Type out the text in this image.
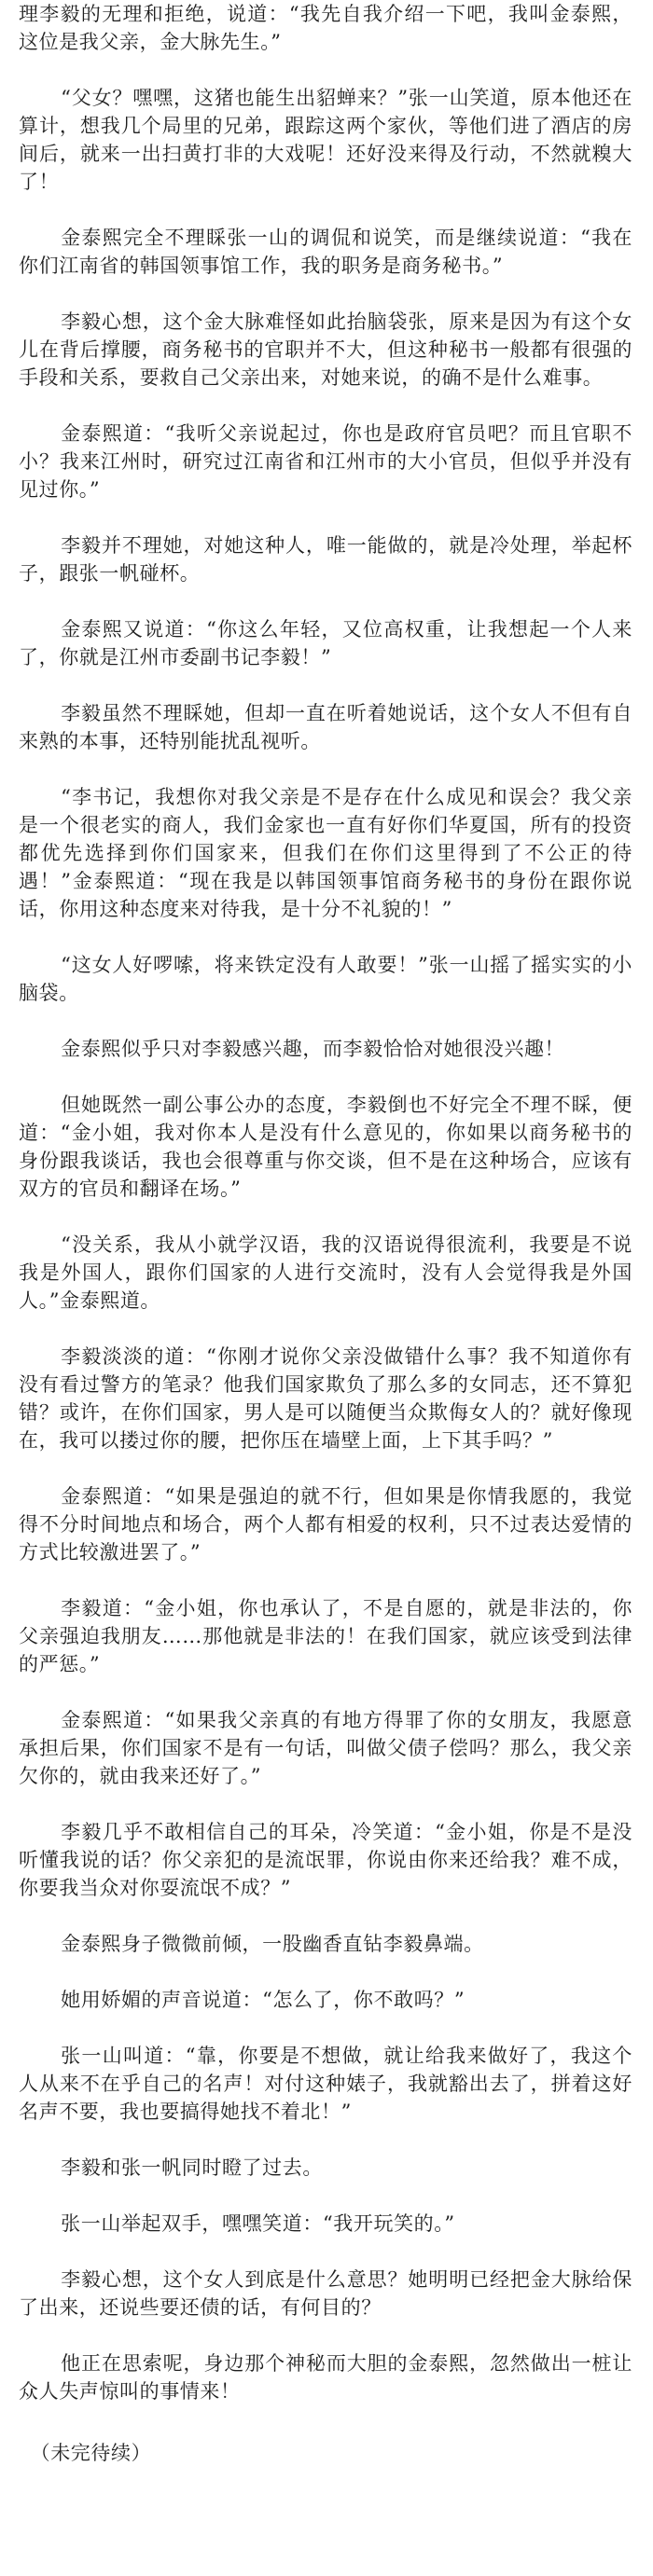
理李毅的无理和拒绝，说道：“我先自我介绍一下吧，我叫金泰熙，这位是我父亲，金大脉先生。”

“父女？嘿嘿，这猪也能生出貂蝉来？”张一山笑道，原本他还在算计，想我几个局里的兄弟，跟踪这两个家伙，等他们进了酒店的房间后，就来一出扫黄打非的大戏呢！还好没来得及行动，不然就糗大了！

金泰熙完全不理睬张一山的调侃和说笑，而是继续说道：“我在你们江南省的韩国领事馆工作，我的职务是商务秘书。”

李毅心想，这个金大脉难怪如此抬脑袋张，原来是因为有这个女儿在背后撑腰，商务秘书的官职并不大，但这种秘书一般都有很强的手段和关系，要救自己父亲出来，对她来说，的确不是什么难事。

金泰熙道：“我听父亲说起过，你也是政府官员吧？而且官职不小？我来江州时，研究过江南省和江州市的大小官员，但似乎并没有见过你。”

李毅并不理她，对她这种人，唯一能做的，就是冷处理，举起杯子，跟张一帆碰杯。

金泰熙又说道：“你这么年轻，又位高权重，让我想起一个人来了，你就是江州市委副书记李毅！”

李毅虽然不理睬她，但却一直在听着她说话，这个女人不但有自来熟的本事，还特别能扰乱视听。

“李书记，我想你对我父亲是不是存在什么成见和误会？我父亲是一个很老实的商人，我们金家也一直有好你们华夏国，所有的投资都优先选择到你们国家来，但我们在你们这里得到了不公正的待遇！”金泰熙道：“现在我是以韩国领事馆商务秘书的身份在跟你说话，你用这种态度来对待我，是十分不礼貌的！”

“这女人好啰嗦，将来铁定没有人敢要！”张一山摇了摇实实的小脑袋。

金泰熙似乎只对李毅感兴趣，而李毅恰恰对她很没兴趣！

但她既然一副公事公办的态度，李毅倒也不好完全不理不睬，便道：“金小姐，我对你本人是没有什么意见的，你如果以商务秘书的身份跟我谈话，我也会很尊重与你交谈，但不是在这种场合，应该有双方的官员和翻译在场。”

“没关系，我从小就学汉语，我的汉语说得很流利，我要是不说我是外国人，跟你们国家的人进行交流时，没有人会觉得我是外国人。”金泰熙道。

李毅淡淡的道：“你刚才说你父亲没做错什么事？我不知道你有没有看过警方的笔录？他我们国家欺负了那么多的女同志，还不算犯错？或许，在你们国家，男人是可以随便当众欺侮女人的？就好像现在，我可以搂过你的腰，把你压在墙壁上面，上下其手吗？”

金泰熙道：“如果是强迫的就不行，但如果是你情我愿的，我觉得不分时间地点和场合，两个人都有相爱的权利，只不过表达爱情的方式比较激进罢了。”

李毅道：“金小姐，你也承认了，不是自愿的，就是非法的，你父亲强迫我朋友……那他就是非法的！在我们国家，就应该受到法律的严惩。”

金泰熙道：“如果我父亲真的有地方得罪了你的女朋友，我愿意承担后果，你们国家不是有一句话，叫做父债子偿吗？那么，我父亲欠你的，就由我来还好了。”

李毅几乎不敢相信自己的耳朵，冷笑道：“金小姐，你是不是没听懂我说的话？你父亲犯的是流氓罪，你说由你来还给我？难不成，你要我当众对你耍流氓不成？”

金泰熙身子微微前倾，一股幽香直钻李毅鼻端。

她用娇媚的声音说道：“怎么了，你不敢吗？”

张一山叫道：“靠，你要是不想做，就让给我来做好了，我这个人从来不在乎自己的名声！对付这种婊子，我就豁出去了，拼着这好名声不要，我也要搞得她找不着北！”

李毅和张一帆同时瞪了过去。

张一山举起双手，嘿嘿笑道：“我开玩笑的。”

李毅心想，这个女人到底是什么意思？她明明已经把金大脉给保了出来，还说些要还债的话，有何目的？

他正在思索呢，身边那个神秘而大胆的金泰熙，忽然做出一桩让众人失声惊叫的事情来！

（未完待续）
